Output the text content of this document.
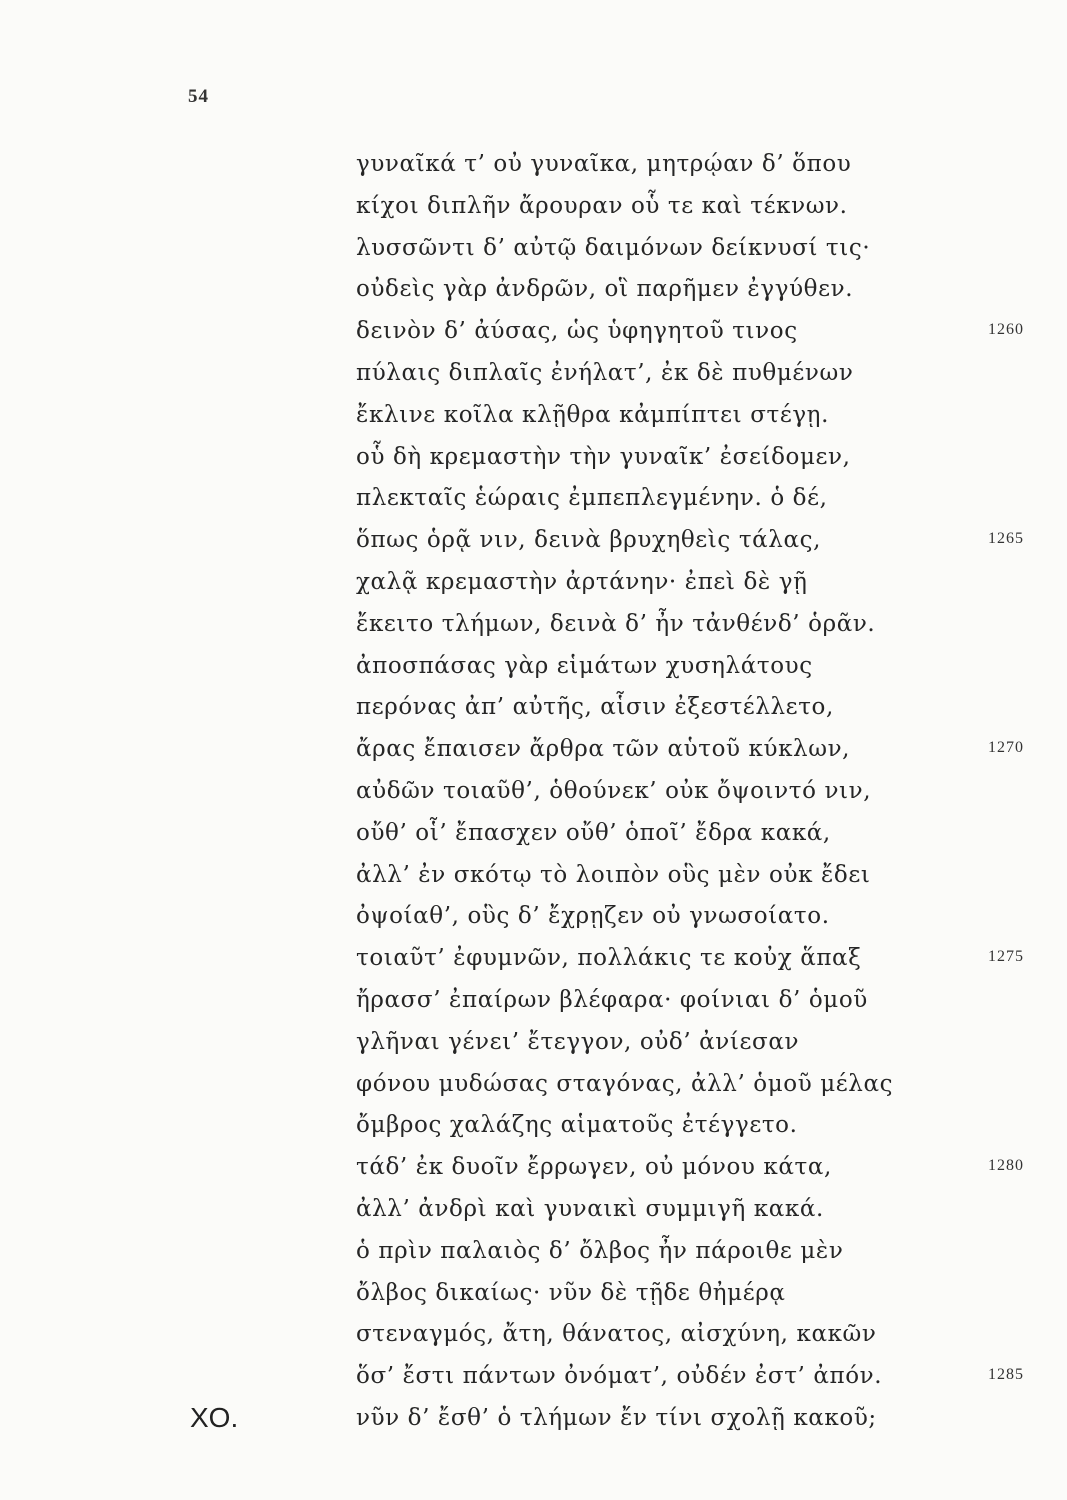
54
γυναῖκά τ’ οὐ γυναῖκα, μητρῴαν δ’ ὅπου
κίχοι διπλῆν ἄρουραν οὗ τε καὶ τέκνων.
λυσσῶντι δ’ αὐτῷ δαιμόνων δείκνυσί τις·
οὐδεὶς γὰρ ἀνδρῶν, οἳ παρῆμεν ἐγγύθεν.
δεινὸν δ’ ἀύσας, ὡς ὑφηγητοῦ τινος
πύλαις διπλαῖς ἐνήλατ’, ἐκ δὲ πυθμένων
ἔκλινε κοῖλα κλῇθρα κἀμπίπτει στέγῃ.
οὗ δὴ κρεμαστὴν τὴν γυναῖκ’ ἐσείδομεν,
πλεκταῖς ἑώραις ἐμπεπλεγμένην. ὁ δέ,
ὅπως ὁρᾷ νιν, δεινὰ βρυχηθεὶς τάλας,
χαλᾷ κρεμαστὴν ἀρτάνην· ἐπεὶ δὲ γῇ
ἔκειτο τλήμων, δεινὰ δ’ ἦν τἀνθένδ’ ὁρᾶν.
ἀποσπάσας γὰρ εἱμάτων χυσηλάτους
περόνας ἀπ’ αὐτῆς, αἷσιν ἐξεστέλλετο,
ἄρας ἔπαισεν ἄρθρα τῶν αὑτοῦ κύκλων,
αὐδῶν τοιαῦθ’, ὁθούνεκ’ οὐκ ὄψοιντό νιν,
οὔθ’ οἷ’ ἔπασχεν οὔθ’ ὁποῖ’ ἔδρα κακά,
ἀλλ’ ἐν σκότῳ τὸ λοιπὸν οὓς μὲν οὐκ ἔδει
ὀψοίαθ’, οὓς δ’ ἔχρῃζεν οὐ γνωσοίατο.
τοιαῦτ’ ἐφυμνῶν, πολλάκις τε κοὐχ ἅπαξ
ἤρασσ’ ἐπαίρων βλέφαρα· φοίνιαι δ’ ὁμοῦ
γλῆναι γένει’ ἔτεγγον, οὐδ’ ἀνίεσαν
φόνου μυδώσας σταγόνας, ἀλλ’ ὁμοῦ μέλας
ὄμβρος χαλάζης αἱματοῦς ἐτέγγετο.
τάδ’ ἐκ δυοῖν ἔρρωγεν, οὐ μόνου κάτα,
ἀλλ’ ἀνδρὶ καὶ γυναικὶ συμμιγῆ κακά.
ὁ πρὶν παλαιὸς δ’ ὄλβος ἦν πάροιθε μὲν
ὄλβος δικαίως· νῦν δὲ τῇδε θἠμέρᾳ
στεναγμός, ἄτη, θάνατος, αἰσχύνη, κακῶν
ὅσ’ ἔστι πάντων ὀνόματ’, οὐδέν ἐστ’ ἀπόν.
νῦν δ’ ἔσθ’ ὁ τλήμων ἔν τίνι σχολῇ κακοῦ;
1260
1265
1270
1275
1280
1285
ΧΟ.
